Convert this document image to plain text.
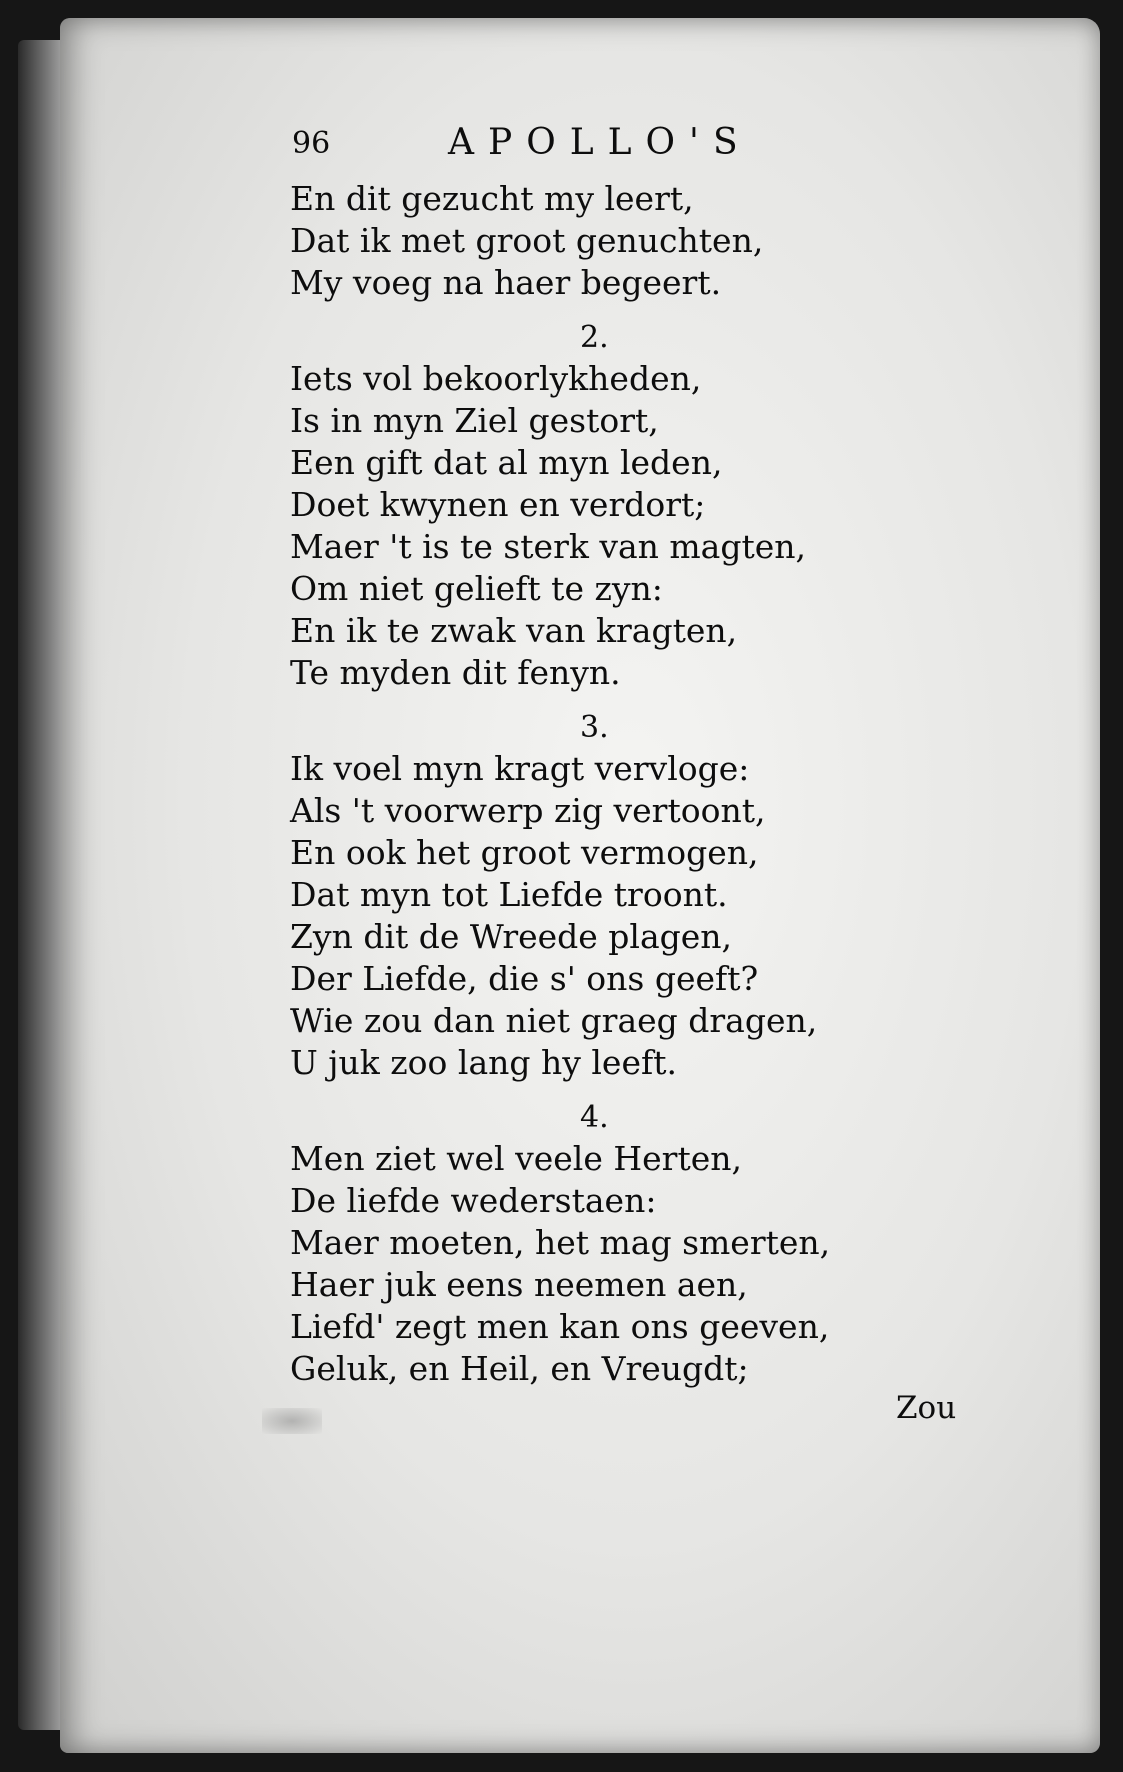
96	APOLLO'S
En dit gezucht my leert,
Dat ik met groot genuchten,
My voeg na haer begeert.
2.
Iets vol bekoorlykheden,
Is in myn Ziel gestort,
Een gift dat al myn leden,
Doet kwynen en verdort;
Maer 't is te sterk van magten,
Om niet gelieft te zyn:
En ik te zwak van kragten,
Te myden dit fenyn.
3.
Ik voel myn kragt vervloge:
Als 't voorwerp zig vertoont,
En ook het groot vermogen,
Dat myn tot Liefde troont.
Zyn dit de Wreede plagen,
Der Liefde, die s' ons geeft?
Wie zou dan niet graeg dragen,
U juk zoo lang hy leeft.
4.
Men ziet wel veele Herten,
De liefde wederstaen:
Maer moeten, het mag smerten,
Haer juk eens neemen aen,
Liefd' zegt men kan ons geeven,
Geluk, en Heil, en Vreugdt;
Zou
